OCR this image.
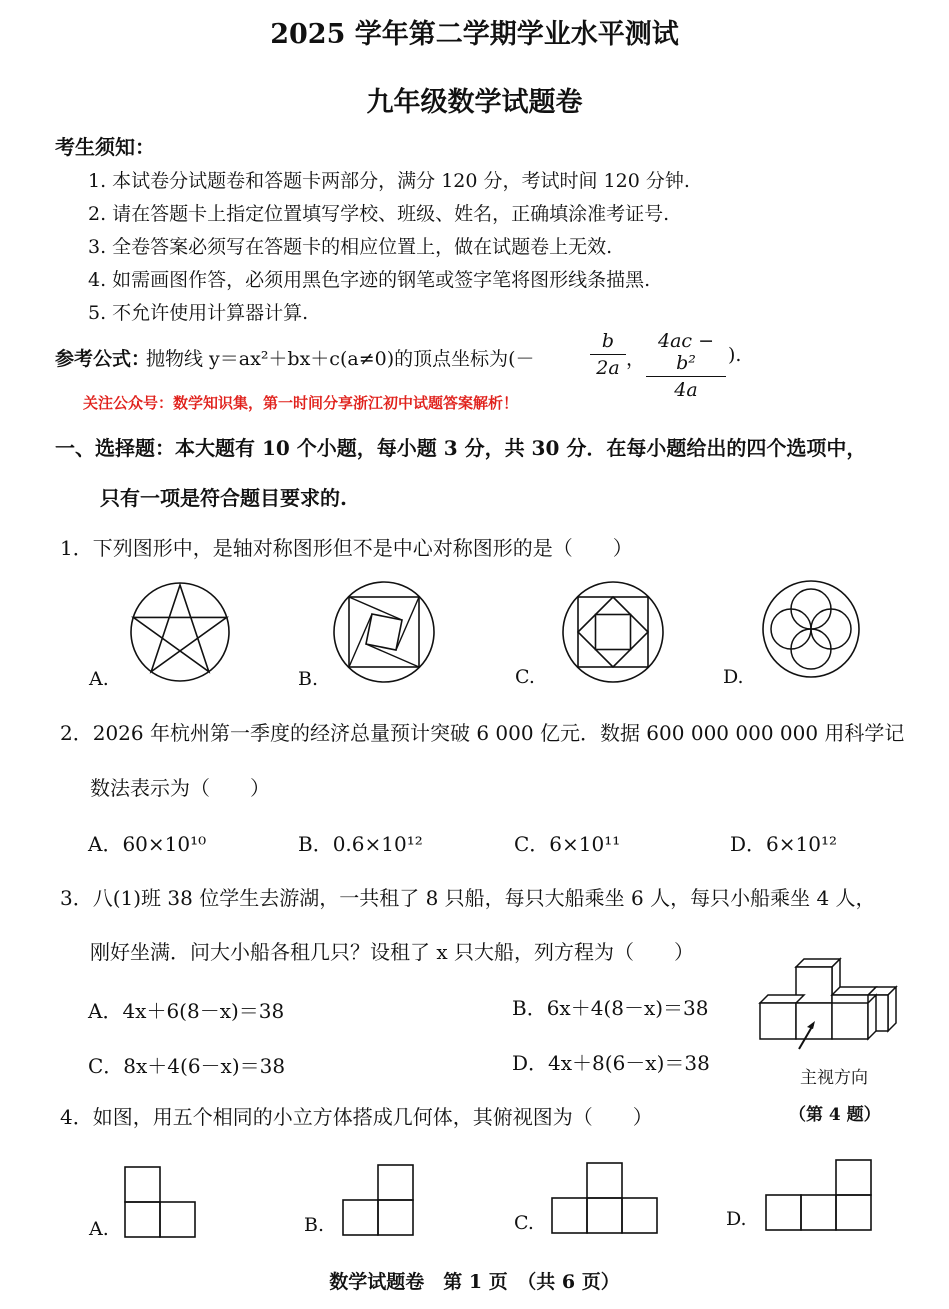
2025 学年第二学期学业水平测试
九年级数学试题卷
考生须知：
1. 本试卷分试题卷和答题卡两部分，满分 120 分，考试时间 120 分钟.
2. 请在答题卡上指定位置填写学校、班级、姓名，正确填涂准考证号.
3. 全卷答案必须写在答题卡的相应位置上，做在试题卷上无效.
4. 如需画图作答，必须用黑色字迹的钢笔或签字笔将图形线条描黑.
5. 不允许使用计算器计算.
参考公式：
抛物线 y＝ax²＋bx＋c(a≠0)的顶点坐标为(－
b
2a ，
4ac − b²
4a
).
关注公众号：数学知识集，第一时间分享浙江初中试题答案解析！
一、选择题：本大题有 10 个小题，每小题 3 分，共 30 分．在每小题给出的四个选项中，
只有一项是符合题目要求的.
1．下列图形中，是轴对称图形但不是中心对称图形的是（　　）
A.	B.	C.	D.
2．2026 年杭州第一季度的经济总量预计突破 6 000 亿元．数据 600 000 000 000 用科学记
数法表示为（　　）
A．60×10¹⁰	B．0.6×10¹²	C．6×10¹¹	D．6×10¹²
3．八(1)班 38 位学生去游湖，一共租了 8 只船，每只大船乘坐 6 人，每只小船乘坐 4 人，
刚好坐满．问大小船各租几只？设租了 x 只大船，列方程为（　　）
A．4x＋6(8－x)＝38	B．6x＋4(8－x)＝38
C．8x＋4(6－x)＝38	D．4x＋8(6－x)＝38
主视方向
（第 4 题）
4．如图，用五个相同的小立方体搭成几何体，其俯视图为（　　）
A.	B.	C.	D.
数学试题卷　第 1 页　（共 6 页）
